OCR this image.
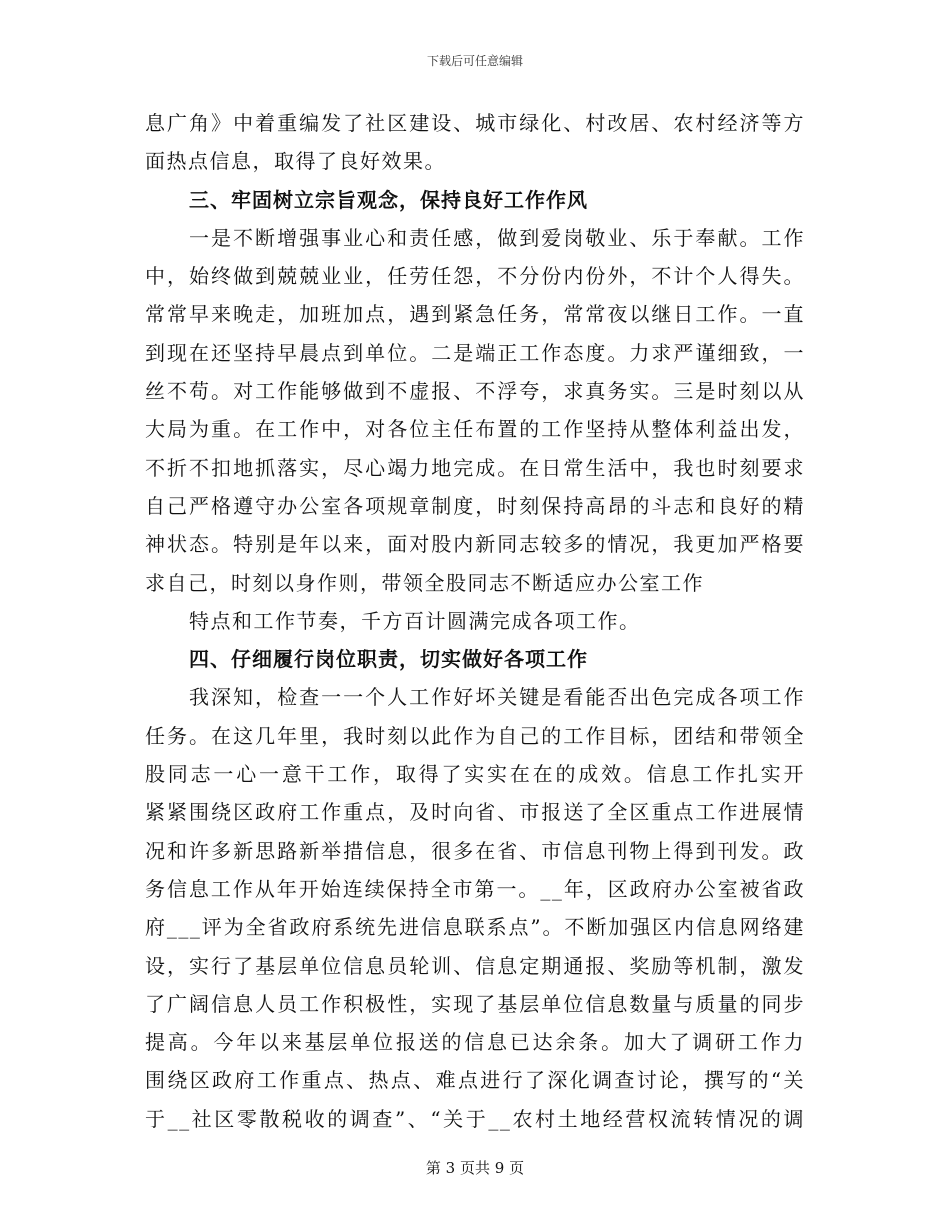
下载后可任意编辑
息广角》中着重编发了社区建设、城市绿化、村改居、农村经济等方
面热点信息，取得了良好效果。
三、牢固树立宗旨观念，保持良好工作作风
一是不断增强事业心和责任感，做到爱岗敬业、乐于奉献。工作
中，始终做到兢兢业业，任劳任怨，不分份内份外，不计个人得失。
常常早来晚走，加班加点，遇到紧急任务，常常夜以继日工作。一直
到现在还坚持早晨点到单位。二是端正工作态度。力求严谨细致，一
丝不苟。对工作能够做到不虚报、不浮夸，求真务实。三是时刻以从
大局为重。在工作中，对各位主任布置的工作坚持从整体利益出发，
不折不扣地抓落实，尽心竭力地完成。在日常生活中，我也时刻要求
自己严格遵守办公室各项规章制度，时刻保持高昂的斗志和良好的精
神状态。特别是年以来，面对股内新同志较多的情况，我更加严格要
求自己，时刻以身作则，带领全股同志不断适应办公室工作
特点和工作节奏，千方百计圆满完成各项工作。
四、仔细履行岗位职责，切实做好各项工作
我深知，检查一一个人工作好坏关键是看能否出色完成各项工作
任务。在这几年里，我时刻以此作为自己的工作目标，团结和带领全
股同志一心一意干工作，取得了实实在在的成效。信息工作扎实开
紧紧围绕区政府工作重点，及时向省、市报送了全区重点工作进展情
况和许多新思路新举措信息，很多在省、市信息刊物上得到刊发。政
务信息工作从年开始连续保持全市第一。__年，区政府办公室被省政
府___评为全省政府系统先进信息联系点”。不断加强区内信息网络建
设，实行了基层单位信息员轮训、信息定期通报、奖励等机制，激发
了广阔信息人员工作积极性，实现了基层单位信息数量与质量的同步
提高。今年以来基层单位报送的信息已达余条。加大了调研工作力
围绕区政府工作重点、热点、难点进行了深化调查讨论，撰写的“关
于__社区零散税收的调查”、“关于__农村土地经营权流转情况的调
第 3 页共 9 页
